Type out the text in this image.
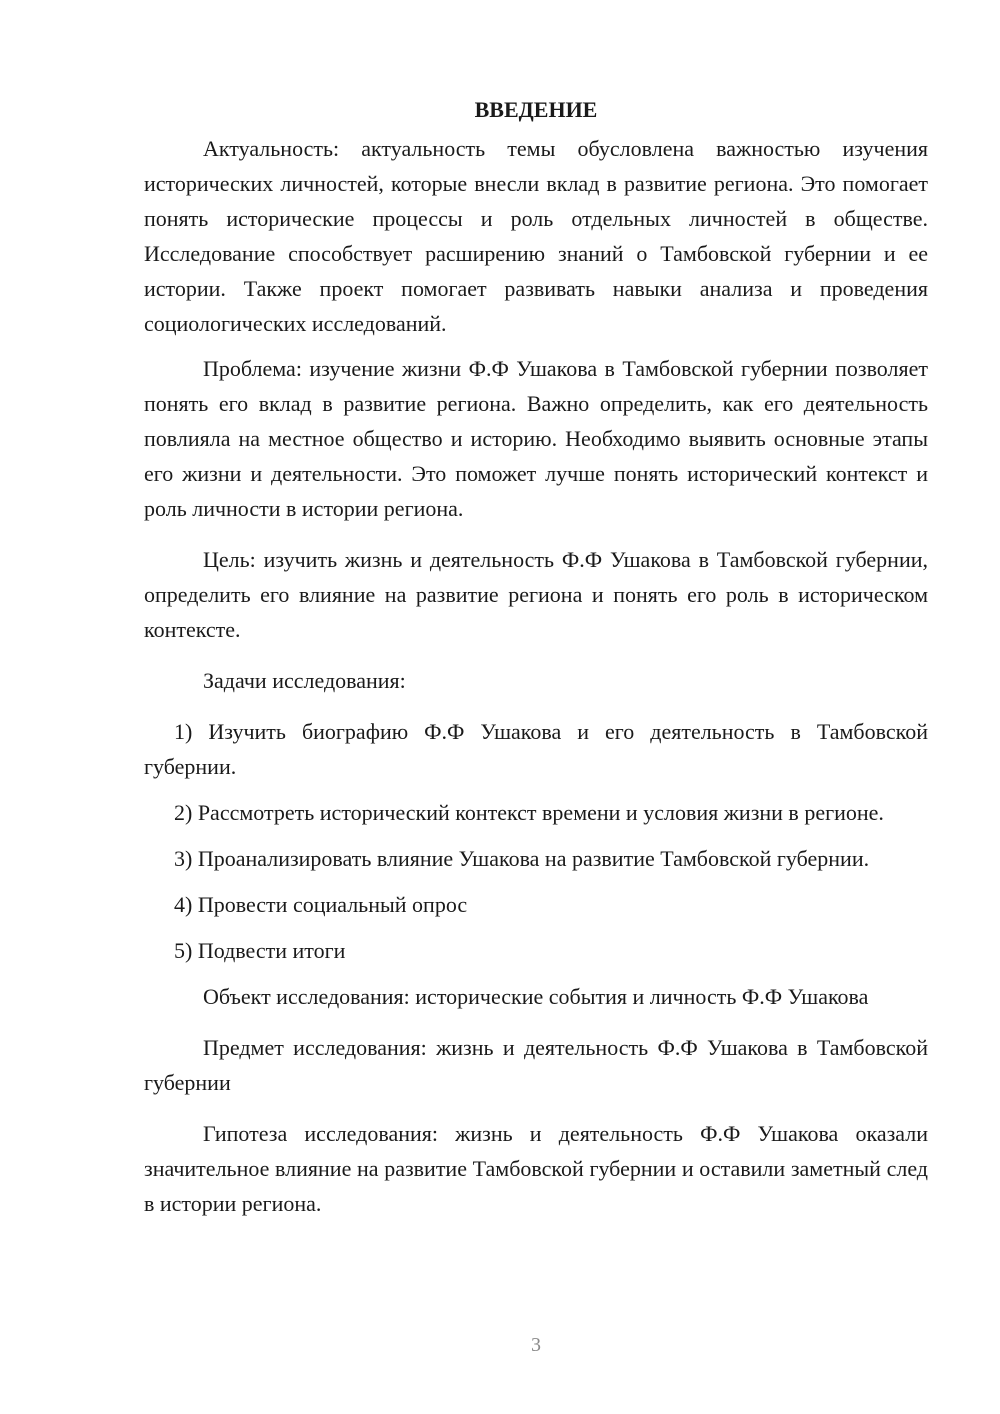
ВВЕДЕНИЕ

Актуальность: актуальность темы обусловлена важностью изучения исторических личностей, которые внесли вклад в развитие региона. Это помогает понять исторические процессы и роль отдельных личностей в обществе. Исследование способствует расширению знаний о Тамбовской губернии и ее истории. Также проект помогает развивать навыки анализа и проведения социологических исследований.

Проблема: изучение жизни Ф.Ф Ушакова в Тамбовской губернии позволяет понять его вклад в развитие региона. Важно определить, как его деятельность повлияла на местное общество и историю. Необходимо выявить основные этапы его жизни и деятельности. Это поможет лучше понять исторический контекст и роль личности в истории региона.

Цель: изучить жизнь и деятельность Ф.Ф Ушакова в Тамбовской губернии, определить его влияние на развитие региона и понять его роль в историческом контексте.

Задачи исследования:

1) Изучить биографию Ф.Ф Ушакова и его деятельность в Тамбовской губернии.

2) Рассмотреть исторический контекст времени и условия жизни в регионе.

3) Проанализировать влияние Ушакова на развитие Тамбовской губернии.

4) Провести социальный опрос

5) Подвести итоги

Объект исследования: исторические события и личность Ф.Ф Ушакова

Предмет исследования: жизнь и деятельность Ф.Ф Ушакова в Тамбовской губернии

Гипотеза исследования: жизнь и деятельность Ф.Ф Ушакова оказали значительное влияние на развитие Тамбовской губернии и оставили заметный след в истории региона.

3
